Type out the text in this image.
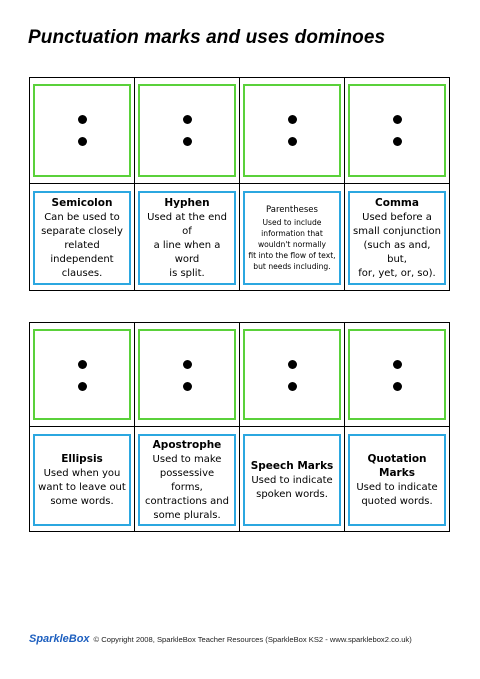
Punctuation marks and uses dominoes
Semicolon
Can be used to
separate closely
related independent
clauses.
Hyphen
Used at the end of
a line when a word
is split.
Parentheses
Used to include
information that
wouldn't normally
fit into the flow of text,
but needs including.
Comma
Used before a
small conjunction
(such as and, but,
for, yet, or, so).
Ellipsis
Used when you
want to leave out
some words.
Apostrophe
Used to make
possessive forms,
contractions and
some plurals.
Speech Marks
Used to indicate
spoken words.
Quotation Marks
Used to indicate
quoted words.
SparkleBox © Copyright 2008, SparkleBox Teacher Resources (SparkleBox KS2 - www.sparklebox2.co.uk)
